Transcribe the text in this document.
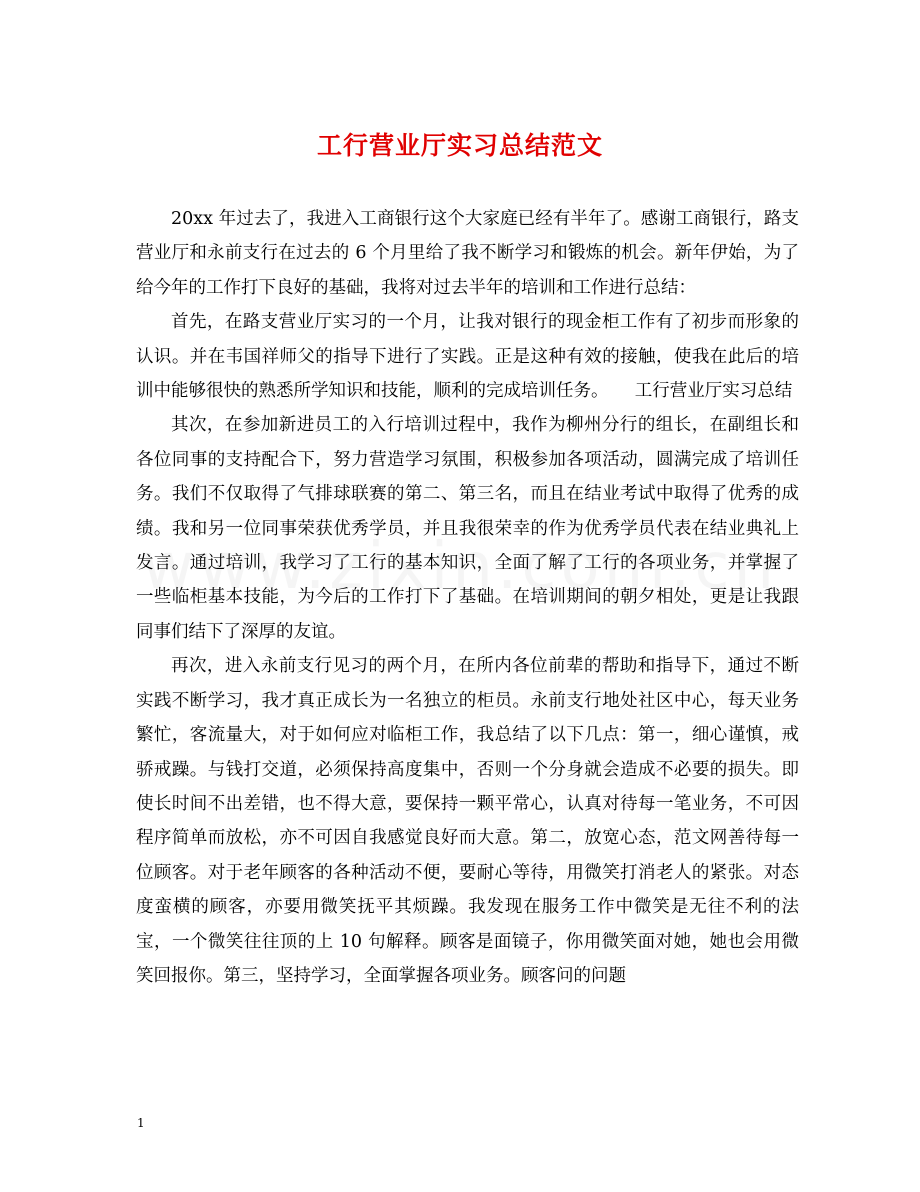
工行营业厅实习总结范文

20xx 年过去了，我进入工商银行这个大家庭已经有半年了。感谢工商银行，路支营业厅和永前支行在过去的 6 个月里给了我不断学习和锻炼的机会。新年伊始，为了给今年的工作打下良好的基础，我将对过去半年的培训和工作进行总结：

首先，在路支营业厅实习的一个月，让我对银行的现金柜工作有了初步而形象的认识。并在韦国祥师父的指导下进行了实践。正是这种有效的接触，使我在此后的培训中能够很快的熟悉所学知识和技能，顺利的完成培训任务。　　工行营业厅实习总结

其次，在参加新进员工的入行培训过程中，我作为柳州分行的组长，在副组长和各位同事的支持配合下，努力营造学习氛围，积极参加各项活动，圆满完成了培训任务。我们不仅取得了气排球联赛的第二、第三名，而且在结业考试中取得了优秀的成绩。我和另一位同事荣获优秀学员，并且我很荣幸的作为优秀学员代表在结业典礼上发言。通过培训，我学习了工行的基本知识，全面了解了工行的各项业务，并掌握了一些临柜基本技能，为今后的工作打下了基础。在培训期间的朝夕相处，更是让我跟同事们结下了深厚的友谊。

再次，进入永前支行见习的两个月，在所内各位前辈的帮助和指导下，通过不断实践不断学习，我才真正成长为一名独立的柜员。永前支行地处社区中心，每天业务繁忙，客流量大，对于如何应对临柜工作，我总结了以下几点：第一，细心谨慎，戒骄戒躁。与钱打交道，必须保持高度集中，否则一个分身就会造成不必要的损失。即使长时间不出差错，也不得大意，要保持一颗平常心，认真对待每一笔业务，不可因程序简单而放松，亦不可因自我感觉良好而大意。第二，放宽心态，范文网善待每一位顾客。对于老年顾客的各种活动不便，要耐心等待，用微笑打消老人的紧张。对态度蛮横的顾客，亦要用微笑抚平其烦躁。我发现在服务工作中微笑是无往不利的法宝，一个微笑往往顶的上 10 句解释。顾客是面镜子，你用微笑面对她，她也会用微笑回报你。第三，坚持学习，全面掌握各项业务。顾客问的问题

1
